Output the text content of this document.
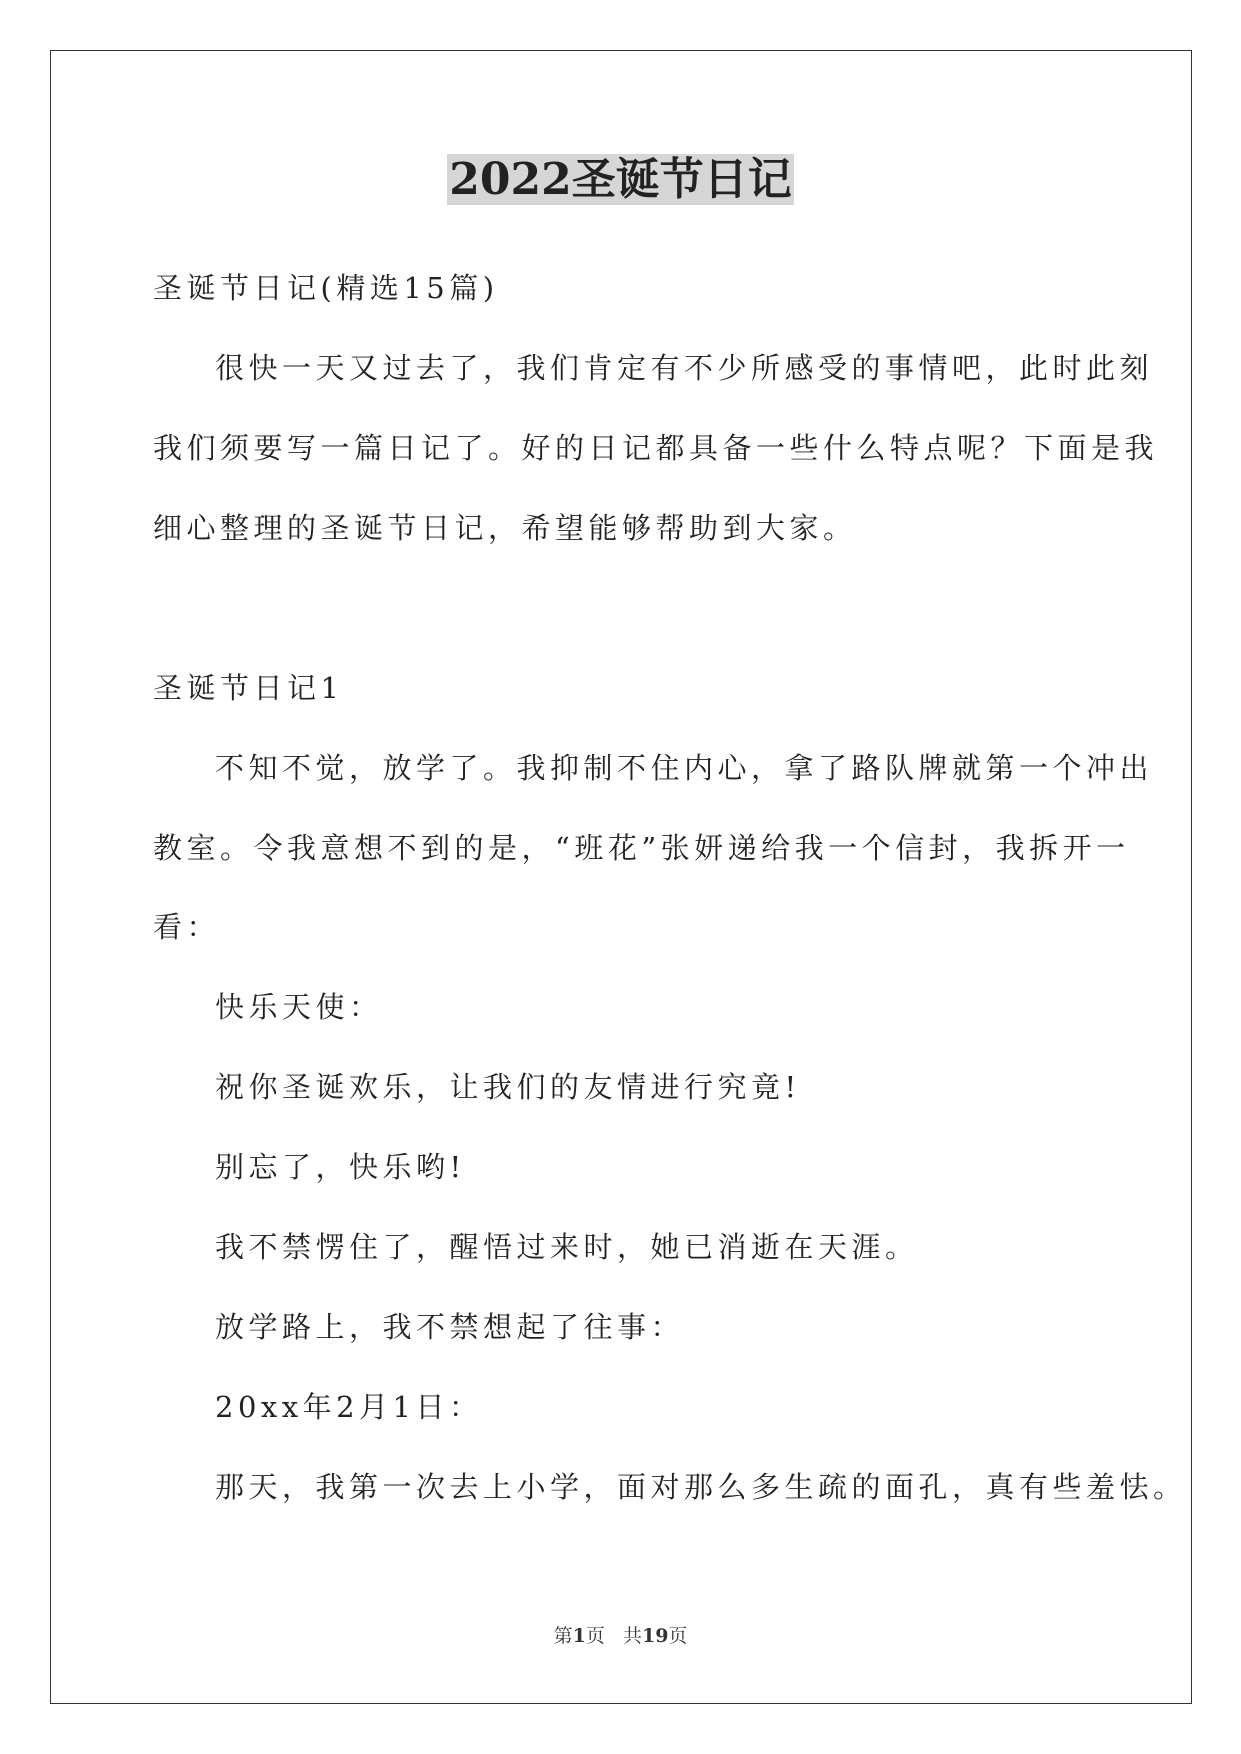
2022圣诞节日记
圣诞节日记(精选15篇)
很快一天又过去了，我们肯定有不少所感受的事情吧，此时此刻
我们须要写一篇日记了。好的日记都具备一些什么特点呢？下面是我
细心整理的圣诞节日记，希望能够帮助到大家。
圣诞节日记1
不知不觉，放学了。我抑制不住内心，拿了路队牌就第一个冲出
教室。令我意想不到的是，“班花”张妍递给我一个信封，我拆开一
看：
快乐天使：
祝你圣诞欢乐，让我们的友情进行究竟!
别忘了，快乐哟!
我不禁愣住了，醒悟过来时，她已消逝在天涯。
放学路上，我不禁想起了往事：
20xx年2月1日：
那天，我第一次去上小学，面对那么多生疏的面孔，真有些羞怯。
第1页 共19页
